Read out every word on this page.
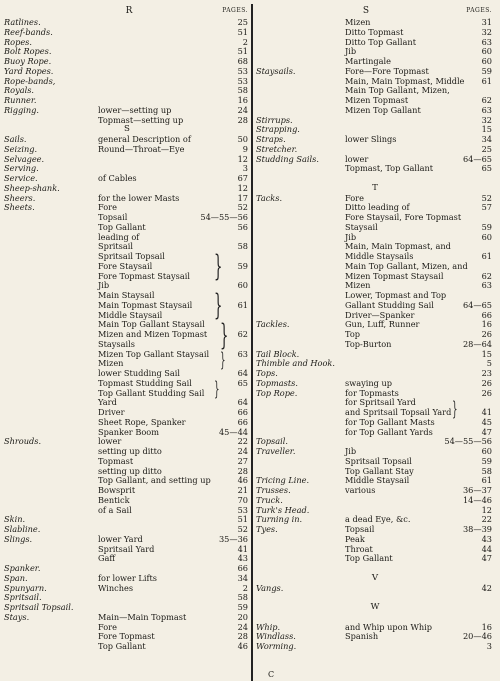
R	PAGES.
Ratlines.	25
Reef-bands.	51
Ropes.	2
Bolt Ropes.	51
Buoy Rope.	68
Yard Ropes.	53
Rope-bands,	53
Royals.	58
Runner.	16
Rigging.	lower—setting up	24
Topmast—setting up	28
S
Sails.	general Description of	50
Seizing.	Round—Throat—Eye	9
Selvagee.	12
Serving.	3
Service.	of Cables	67
Sheep-shank.	12
Sheers.	for the lower Masts	17
Sheets.	Fore	52
Topsail	54—55—56
Top Gallant	56
leading of
Spritsail	58
Spritsail Topsail
Fore Staysail	59
Fore Topmast Staysail
Jib	60
Main Staysail
Main Topmast Staysail	61
Middle Staysail
Main Top Gallant Staysail
Mizen and Mizen Topmast	62
Staysails
Mizen Top Gallant Staysail	63
Mizen
lower Studding Sail	64
Topmast Studding Sail	65
Top Gallant Studding Sail
Yard	64
Driver	66
Sheet Rope, Spanker	66
Spanker Boom	45—44
Shrouds.	lower	22
setting up ditto	24
Topmast	27
setting up ditto	28
Top Gallant, and setting up	46
Bowsprit	21
Bentick	70
of a Sail	53
Skin.	51
Slabline.	52
Slings.	lower Yard	35—36
Spritsail Yard	41
Gaff	43
Spanker.	66
Span.	for lower Lifts	34
Spunyarn.	Winches	2
Spritsail.	58
Spritsail Topsail.	59
Stays.	Main—Main Topmast	20
Fore	24
Fore Topmast	28
Top Gallant	46
}
}
}
}
}
S	PAGES.
Mizen	31
Ditto Topmast	32
Ditto Top Gallant	63
Jib	60
Martingale	60
Staysails.	Fore—Fore Topmast	59
Main, Main Topmast, Middle 61
Main Top Gallant, Mizen,
Mizen Topmast	62
Mizen Top Gallant	63
Stirrups.	32
Strapping.	15
Straps.	lower Slings	34
Stretcher.	25
Studding Sails.	lower	64—65
Topmast, Top Gallant	65
T
Tacks.	Fore	52
Ditto leading of	57
Fore Staysail, Fore Topmast
Staysail	59
Jib	60
Main, Main Topmast, and
Middle Staysails	61
Main Top Gallant, Mizen, and
Mizen Topmast Staysail	62
Mizen	63
Lower, Topmast and Top
Gallant Studding Sail	64—65
Driver—Spanker	66
Tackles.	Gun, Luff, Runner	16
Top	26
Top-Burton	28—64
Tail Block.	15
Thimble and Hook.	5
Tops.	23
Topmasts.	swaying up	26
Top Rope.	for Topmasts	26
for Spritsail Yard
and Spritsail Topsail Yard	41
for Top Gallant Masts	45
for Top Gallant Yards	47
Topsail.	54—55—56
Traveller.	Jib	60
Spritsail Topsail	59
Top Gallant Stay	58
Tricing Line.	Middle Staysail	61
Trusses.	various	36—37
Truck.	14—46
Turk's Head.	12
Turning in.	a dead Eye, &c.	22
Tyes.	Topsail	38—39
Peak	43
Throat	44
Top Gallant	47
V
Vangs.	42
W
Whip.	and Whip upon Whip	16
Windlass.	Spanish	20—46
Worming.	3
}
C
